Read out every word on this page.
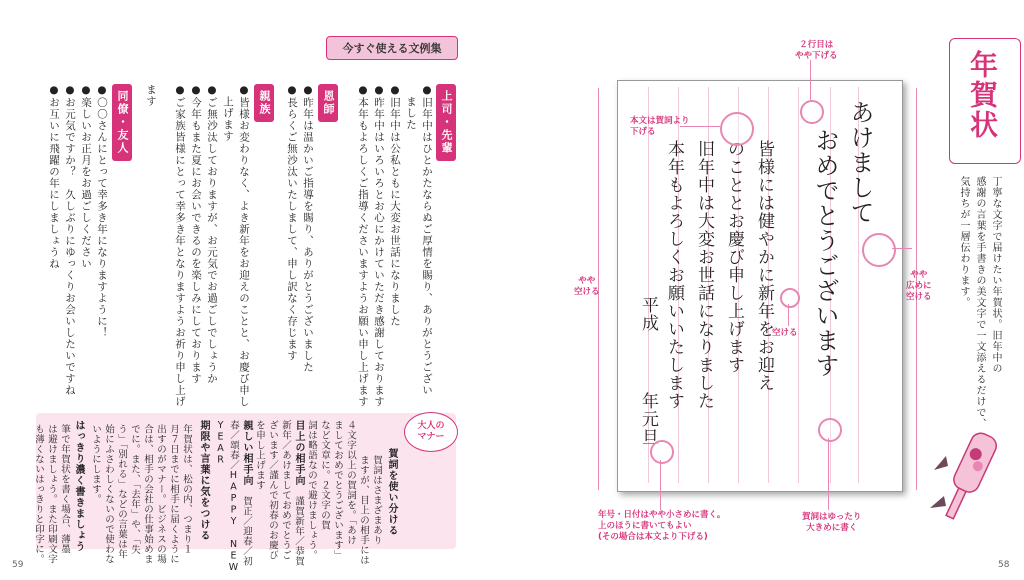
今すぐ使える文例集
上司・先輩
恩師
親族
同僚・友人	●旧年中はひとかたならぬご厚情を賜り、ありがとうござい
ました
●旧年中は公私ともに大変お世話になりました
●昨年中はいろいろとお心にかけていただき感謝しております
●本年もよろしくご指導くださいますようお願い申し上げます
●昨年は温かいご指導を賜り、ありがとうございました
●長らくご無沙汰いたしまして、申し訳なく存じます
●皆様お変わりなく、よき新年をお迎えのことと、お慶び申し
上げます
●ご無沙汰しておりますが、お元気でお過ごしでしょうか
●今年もまた夏にお会いできるのを楽しみにしております
●ご家族皆様にとって幸多き年となりますようお祈り申し上げ
ます
●〇〇さんにとって幸多き年になりますように！
●楽しいお正月をお過ごしください
●お元気ですか？　久しぶりにゆっくりお会いしたいですね
●お互いに飛躍の年にしましょうね
大人の
マナー
賀詞を使い分ける
賀詞はさまざまあり
ますが、目上の相手には
４文字以上の賀詞を。「あけ
ましておめでとうございます」
など文章に。２文字の賀
詞は略語なので避けましょう。
目上の相手向
謹賀新年／恭賀
新年／あけましておめでとうご
ざいます／謹んで初春のお慶び
を申し上げます
親しい相手向
賀正／迎春／初
春／頌春／HAPPY NEW
YEAR
期限や言葉に気をつける
年賀状は、松の内、つまり１
月７日までに相手に届くように
出すのがマナー。ビジネスの場
合は、相手の会社の仕事始めま
でに。また、「去年」や、「失
う」「別れる」などの言葉は年
始にふさわしくないので使わな
いようにします。
はっきり濃く書きましょう
筆で年賀状を書く場合、薄墨
は避けましょう。また印刷文字
も薄くないはっきりと印字に。
59
あけまして
おめでとうございます
皆様には健やかに新年をお迎え
のこととお慶び申し上げます
旧年中は大変お世話になりました
本年もよろしくお願いいたします
平成
年元旦
２行目は
やや下げる
本文は賀詞より
下げる
やや
空ける
やや
広めに
空ける
空ける
年号・日付はやや小さめに書く。
上のほうに書いてもよい
(その場合は本文より下げる)
賀詞はゆったり
大きめに書く
年賀状
丁寧な文字で届けたい年賀状。旧年中の
感謝の言葉を手書きの美文字で一文添えるだけで、
気持ちが一層伝わります。
58
